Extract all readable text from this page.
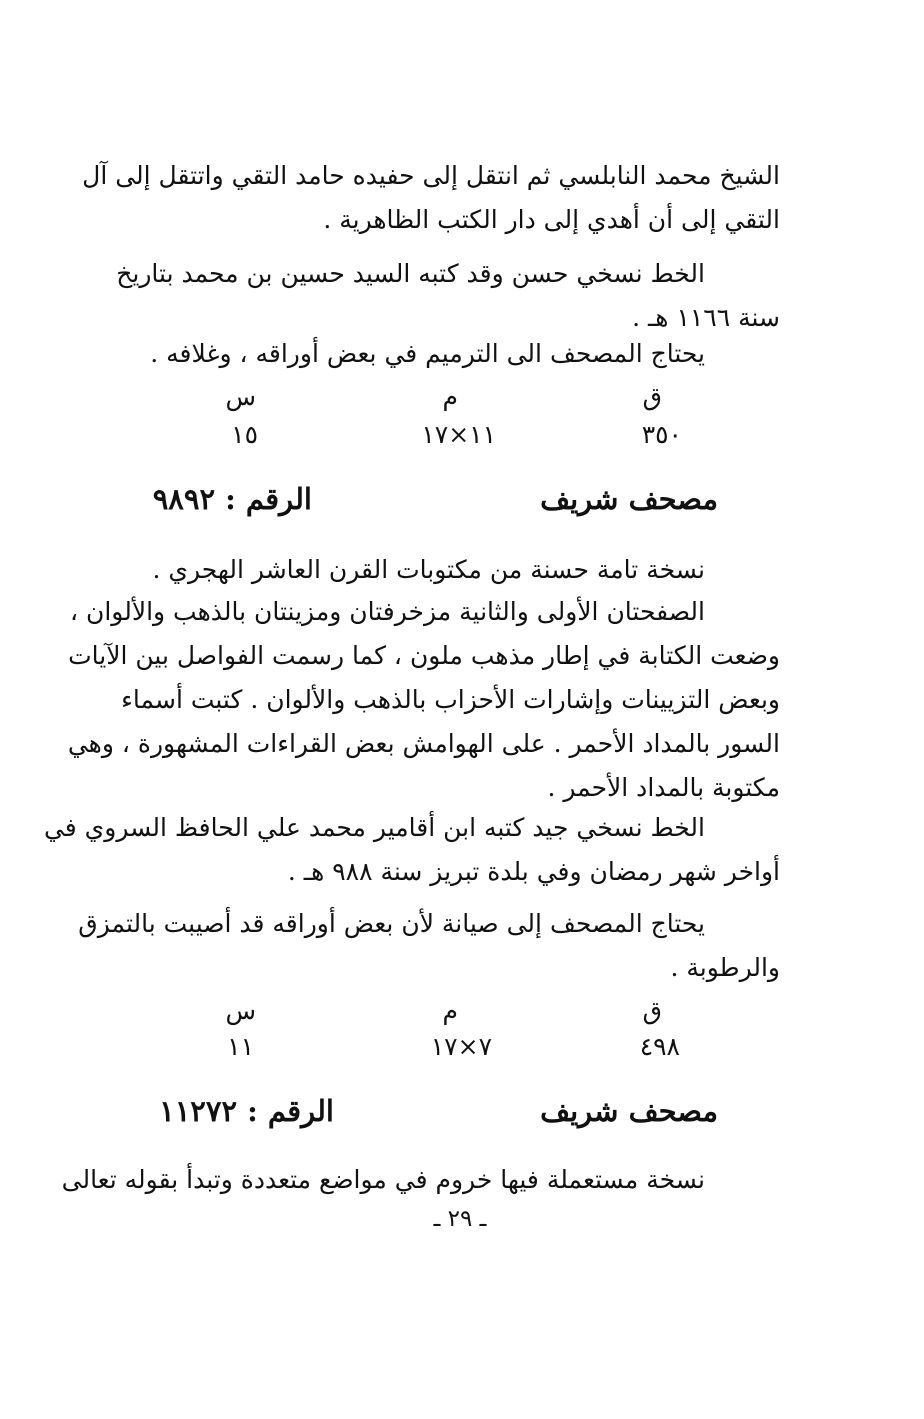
الشيخ محمد النابلسي ثم انتقل إلى حفيده حامد التقي واتتقل إلى آل
التقي إلى أن أهدي إلى دار الكتب الظاهرية .
الخط نسخي حسن وقد كتبه السيد حسين بن محمد بتاريخ
سنة ١١٦٦ هـ .
يحتاج المصحف الى الترميم في بعض أوراقه ، وغلافه .
ق
م
س
٣٥٠
١١×١٧
١٥
مصحف شريف
الرقم : ٩٨٩٢
نسخة تامة حسنة من مكتوبات القرن العاشر الهجري .
الصفحتان الأولى والثانية مزخرفتان ومزينتان بالذهب والألوان ،
وضعت الكتابة في إطار مذهب ملون ، كما رسمت الفواصل بين الآيات
وبعض التزيينات وإشارات الأحزاب بالذهب والألوان . كتبت أسماء
السور بالمداد الأحمر . على الهوامش بعض القراءات المشهورة ، وهي
مكتوبة بالمداد الأحمر .
الخط نسخي جيد كتبه ابن أقامير محمد علي الحافظ السروي في
أواخر شهر رمضان وفي بلدة تبريز سنة ٩٨٨ هـ .
يحتاج المصحف إلى صيانة لأن بعض أوراقه قد أصيبت بالتمزق
والرطوبة .
ق
م
س
٤٩٨
٧×١٧
١١
مصحف شريف
الرقم : ١١٢٧٢
نسخة مستعملة فيها خروم في مواضع متعددة وتبدأ بقوله تعالى
ـ ٢٩ ـ
